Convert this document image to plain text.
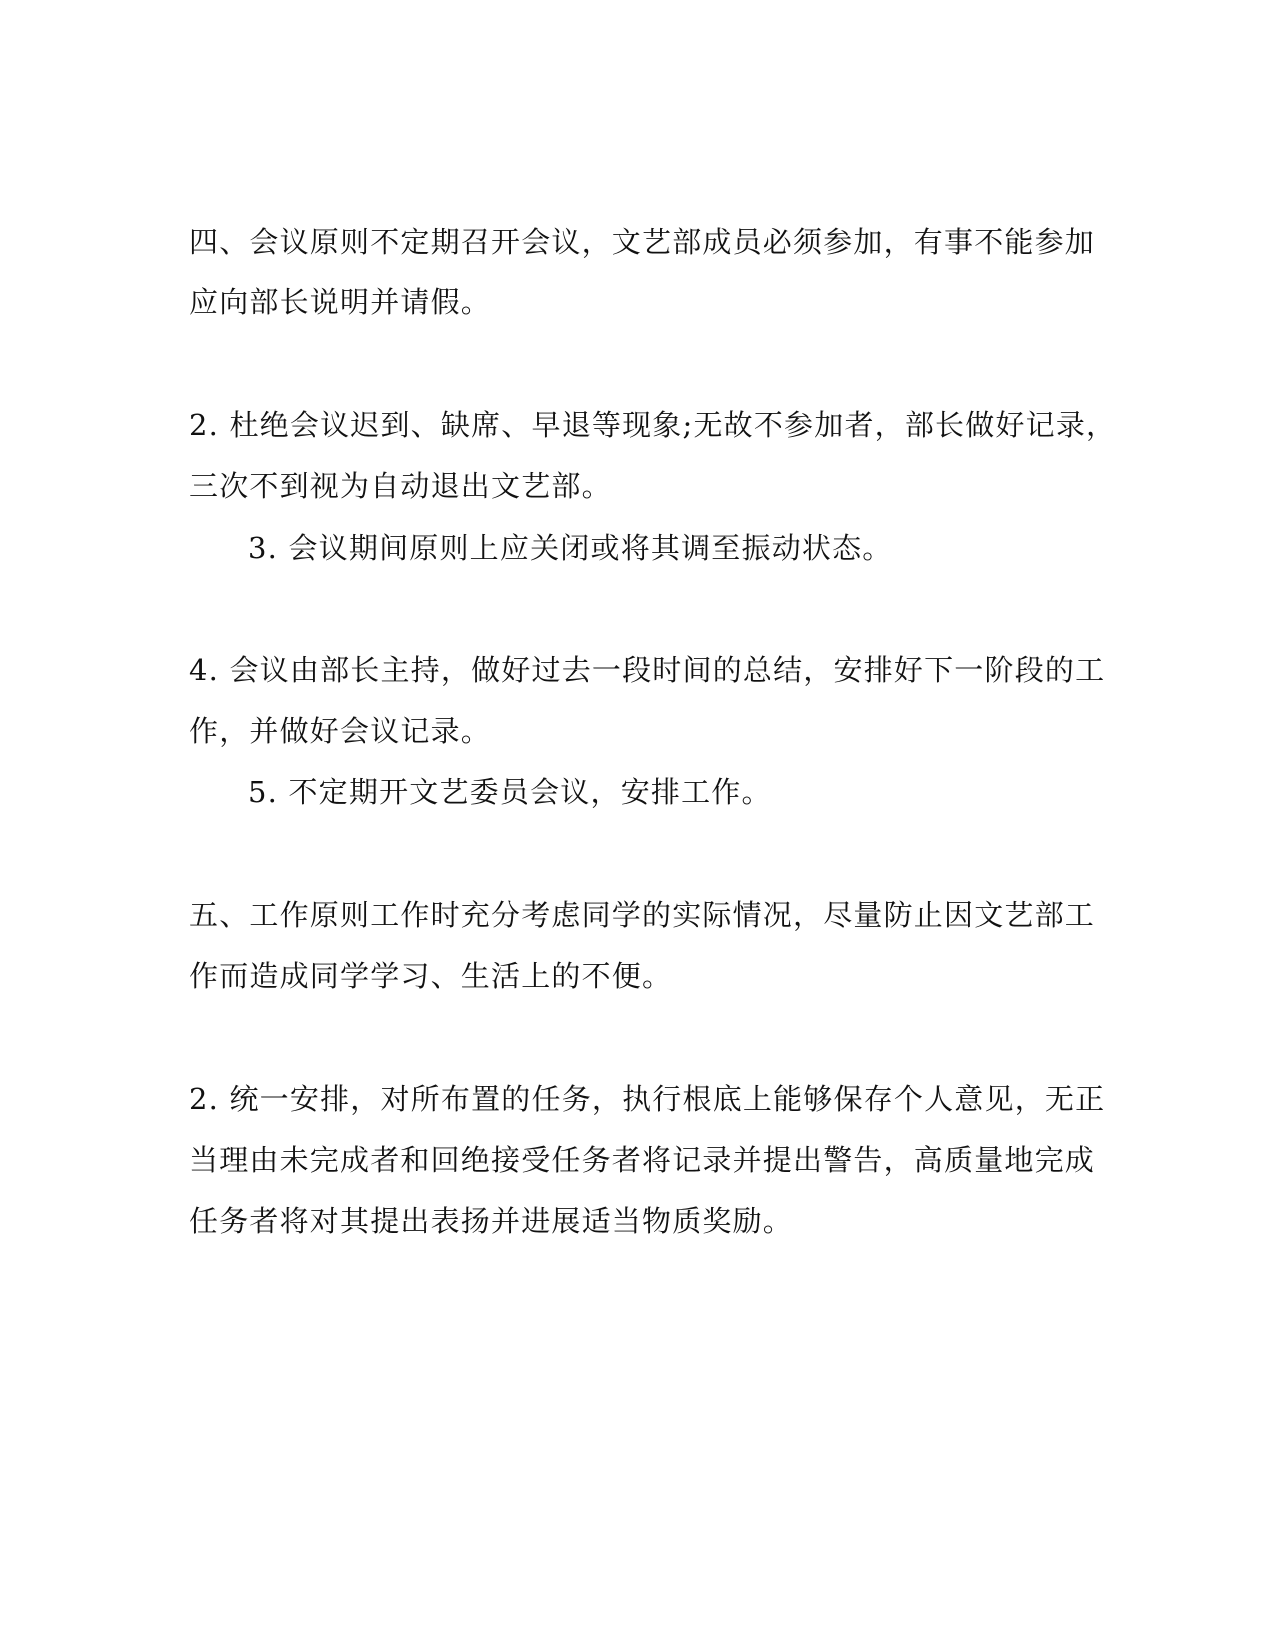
四、会议原则不定期召开会议，文艺部成员必须参加，有事不能参加
应向部长说明并请假。
2. 杜绝会议迟到、缺席、早退等现象;无故不参加者，部长做好记录，
三次不到视为自动退出文艺部。
3. 会议期间原则上应关闭或将其调至振动状态。
4. 会议由部长主持，做好过去一段时间的总结，安排好下一阶段的工
作，并做好会议记录。
5. 不定期开文艺委员会议，安排工作。
五、工作原则工作时充分考虑同学的实际情况，尽量防止因文艺部工
作而造成同学学习、生活上的不便。
2. 统一安排，对所布置的任务，执行根底上能够保存个人意见，无正
当理由未完成者和回绝接受任务者将记录并提出警告，高质量地完成
任务者将对其提出表扬并进展适当物质奖励。
